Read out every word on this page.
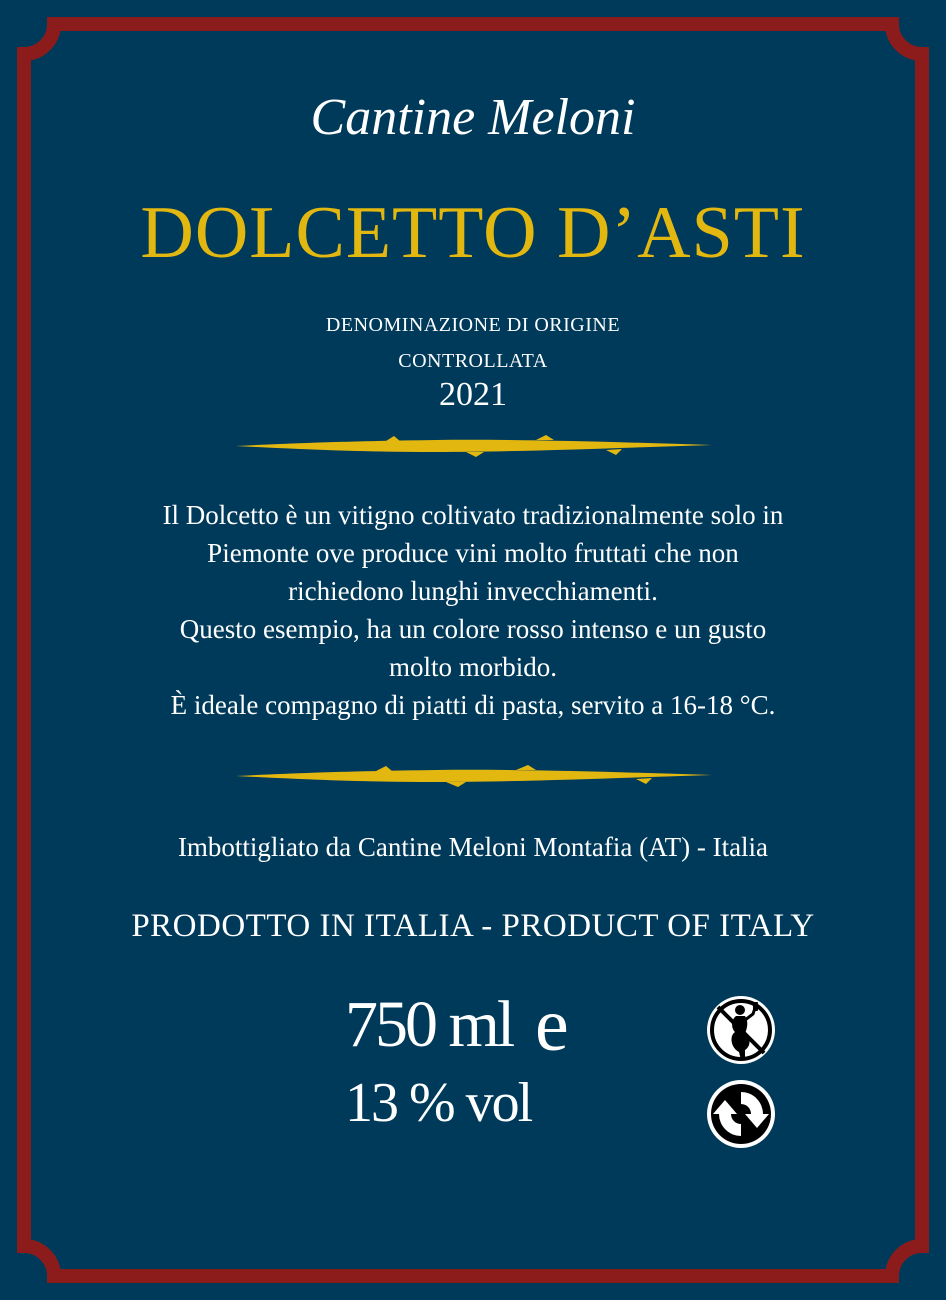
Cantine Meloni
DOLCETTO D’ASTI
DENOMINAZIONE DI ORIGINE
CONTROLLATA
2021
Il Dolcetto è un vitigno coltivato tradizionalmente solo in
Piemonte ove produce vini molto fruttati che non
richiedono lunghi invecchiamenti.
Questo esempio, ha un colore rosso intenso e un gusto
molto morbido.
È ideale compagno di piatti di pasta, servito a 16-18 °C.
Imbottigliato da Cantine Meloni Montafia (AT) - Italia
PRODOTTO IN ITALIA - PRODUCT OF ITALY
750 ml e
13 % vol
